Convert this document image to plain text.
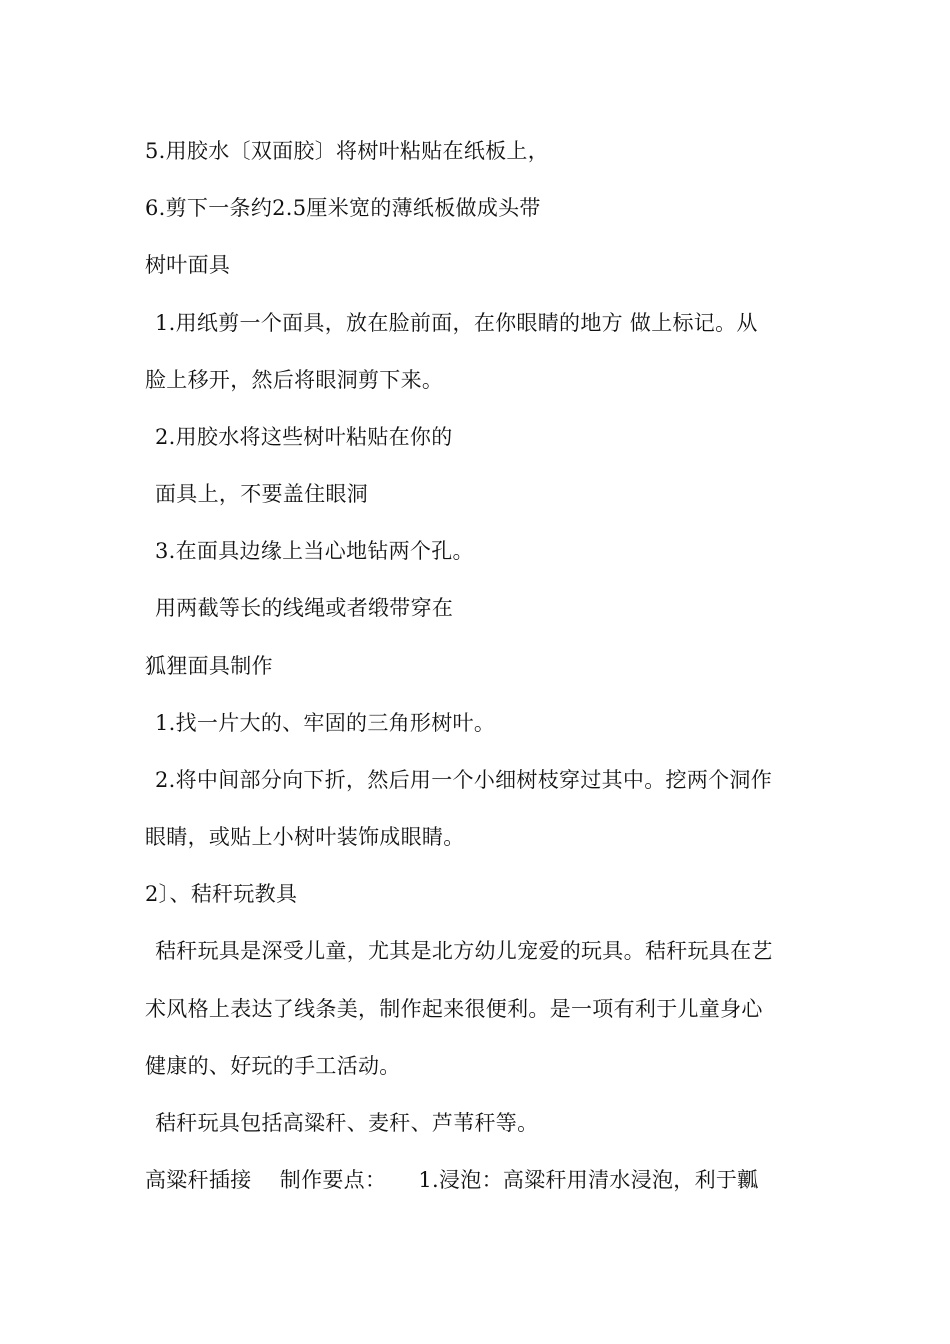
5.用胶水〔双面胶〕将树叶粘贴在纸板上，
6.剪下一条约2.5厘米宽的薄纸板做成头带
树叶面具
1.用纸剪一个面具，放在脸前面，在你眼睛的地方 做上标记。从
脸上移开，然后将眼洞剪下来。
2.用胶水将这些树叶粘贴在你的
面具上，不要盖住眼洞
3.在面具边缘上当心地钻两个孔。
用两截等长的线绳或者缎带穿在
狐狸面具制作
1.找一片大的、牢固的三角形树叶。
2.将中间部分向下折，然后用一个小细树枝穿过其中。挖两个洞作
眼睛，或贴上小树叶装饰成眼睛。
2〕、秸秆玩教具
秸秆玩具是深受儿童，尤其是北方幼儿宠爱的玩具。秸秆玩具在艺
术风格上表达了线条美，制作起来很便利。是一项有利于儿童身心
健康的、好玩的手工活动。
秸秆玩具包括高粱秆、麦秆、芦苇秆等。
高粱秆插接　 制作要点：　　1.浸泡：高粱秆用清水浸泡，利于瓤
